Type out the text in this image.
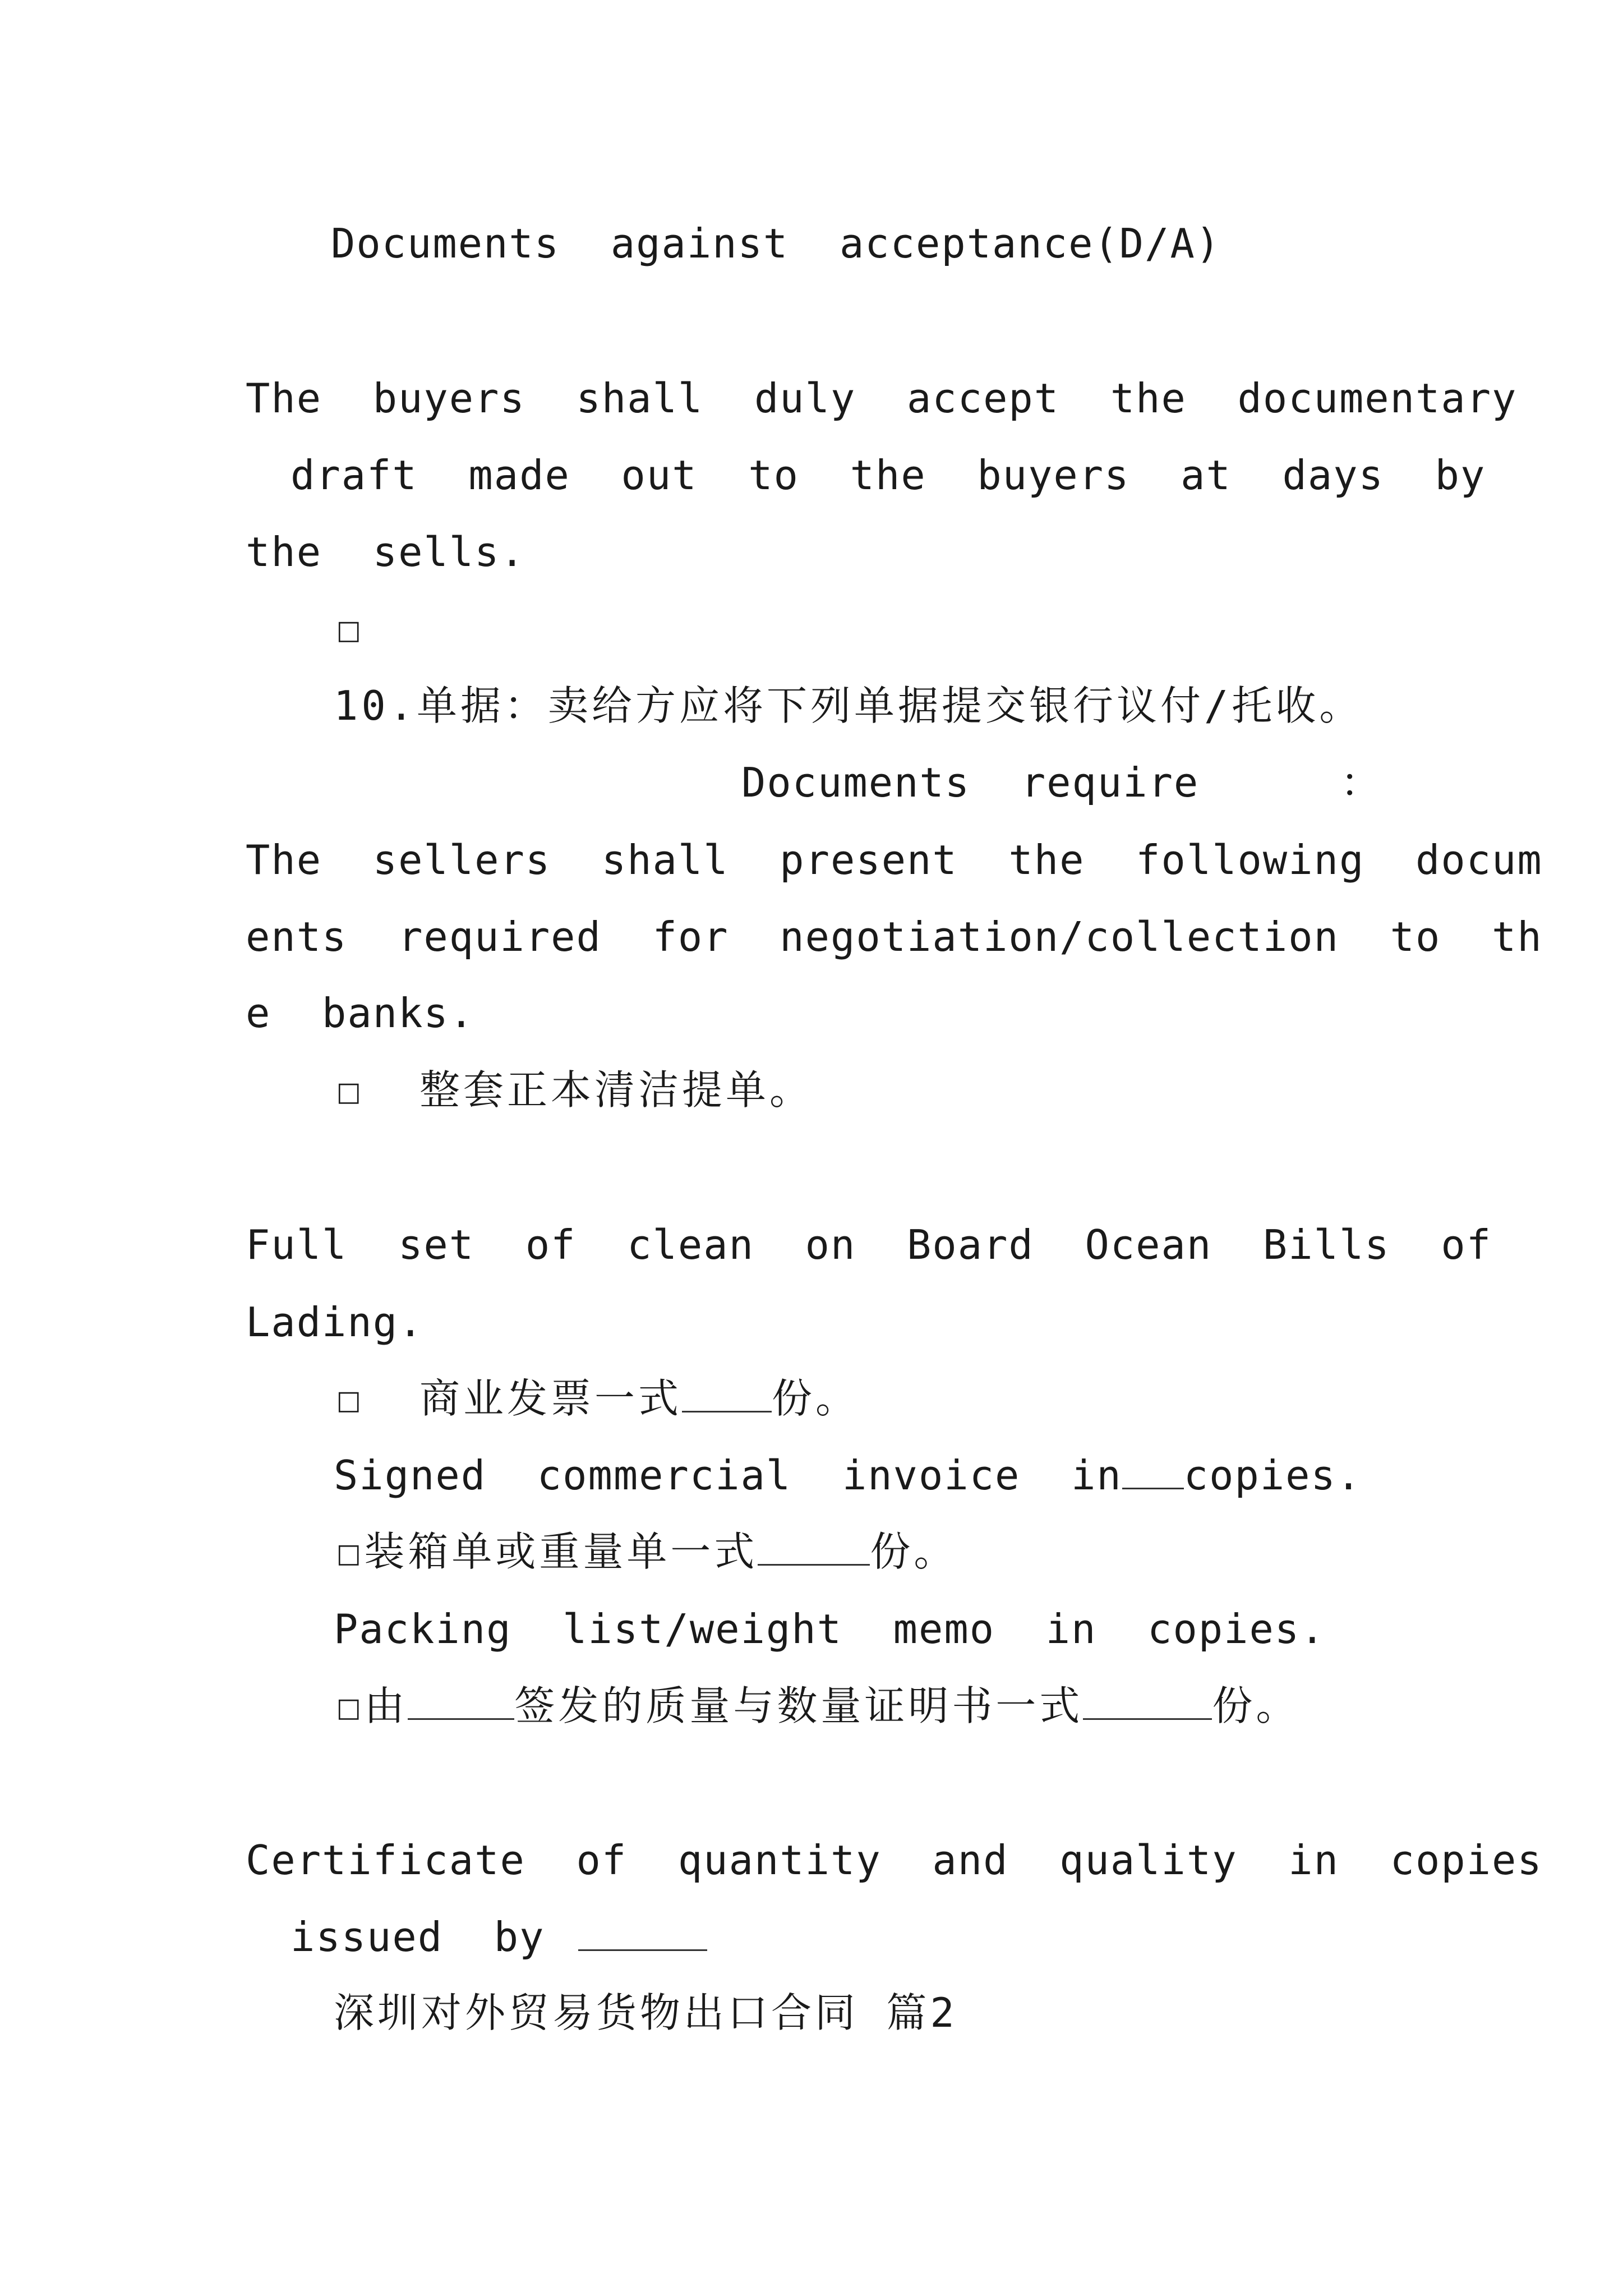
Documents  against  acceptance(D/A)

The  buyers  shall  duly  accept  the  documentary

draft  made  out  to  the  buyers  at  days  by

the  sells.

☐

10.单据：卖给方应将下列单据提交银行议付/托收。

Documents  require	：

The  sellers  shall  present  the  following  docum

ents  required  for  negotiation/collection  to  th

e  banks.

☐  整套正本清洁提单。

Full  set  of  clean  on  Board  Ocean  Bills  of

Lading.

☐  商业发票一式 份。

Signed  commercial  invoice  in copies.

☐装箱单或重量单一式	份。

Packing  list/weight  memo  in  copies.

☐由	签发的质量与数量证明书一式	份。

Certificate  of  quantity  and  quality  in  copies

issued  by

深圳对外贸易货物出口合同 篇2
